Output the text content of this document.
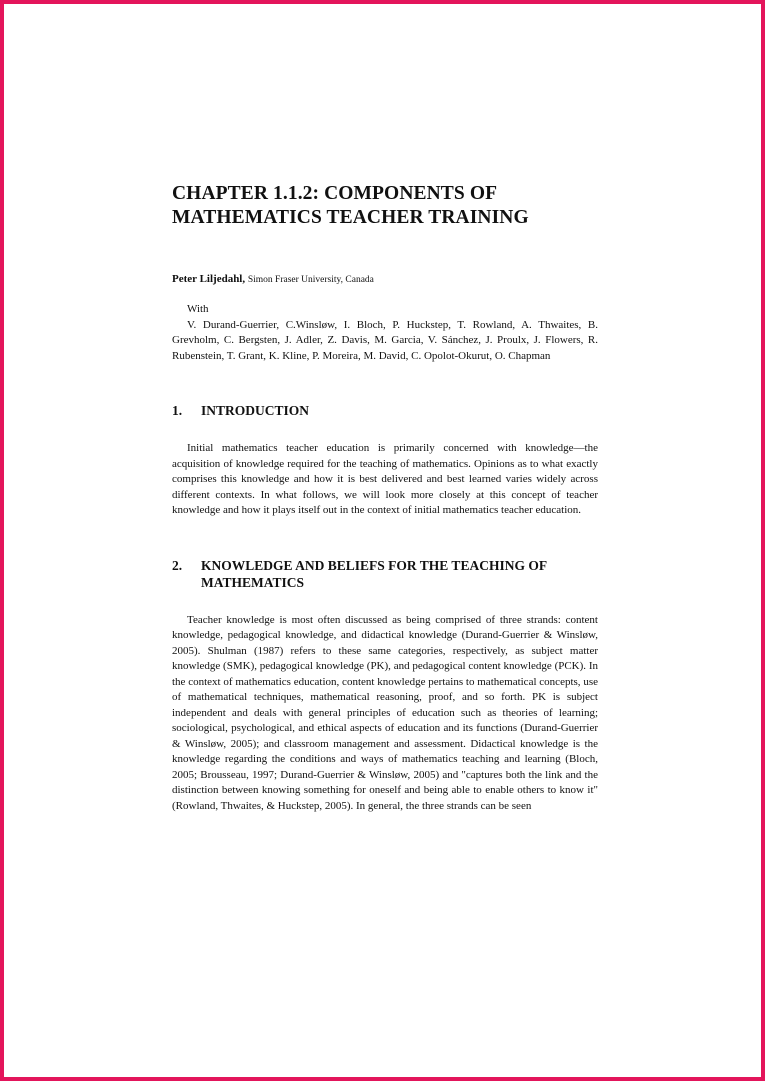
CHAPTER 1.1.2: COMPONENTS OF
MATHEMATICS TEACHER TRAINING
Peter Liljedahl, Simon Fraser University, Canada
With

V. Durand-Guerrier, C.Winsløw, I. Bloch, P. Huckstep, T. Rowland, A. Thwaites, B. Grevholm, C. Bergsten, J. Adler, Z. Davis, M. Garcia, V. Sánchez, J. Proulx, J. Flowers, R. Rubenstein, T. Grant, K. Kline, P. Moreira, M. David, C. Opolot-Okurut, O. Chapman

1.	INTRODUCTION

Initial mathematics teacher education is primarily concerned with knowledge—the acquisition of knowledge required for the teaching of mathematics. Opinions as to what exactly comprises this knowledge and how it is best delivered and best learned varies widely across different contexts. In what follows, we will look more closely at this concept of teacher knowledge and how it plays itself out in the context of initial mathematics teacher education.

2.	KNOWLEDGE AND BELIEFS FOR THE TEACHING OF MATHEMATICS

Teacher knowledge is most often discussed as being comprised of three strands: content knowledge, pedagogical knowledge, and didactical knowledge (Durand-Guerrier & Winsløw, 2005). Shulman (1987) refers to these same categories, respectively, as subject matter knowledge (SMK), pedagogical knowledge (PK), and pedagogical content knowledge (PCK). In the context of mathematics education, content knowledge pertains to mathematical concepts, use of mathematical techniques, mathematical reasoning, proof, and so forth. PK is subject independent and deals with general principles of education such as theories of learning; sociological, psychological, and ethical aspects of education and its functions (Durand-Guerrier & Winsløw, 2005); and classroom management and assessment. Didactical knowledge is the knowledge regarding the conditions and ways of mathematics teaching and learning (Bloch, 2005; Brousseau, 1997; Durand-Guerrier & Winsløw, 2005) and "captures both the link and the distinction between knowing something for oneself and being able to enable others to know it" (Rowland, Thwaites, & Huckstep, 2005). In general, the three strands can be seen
